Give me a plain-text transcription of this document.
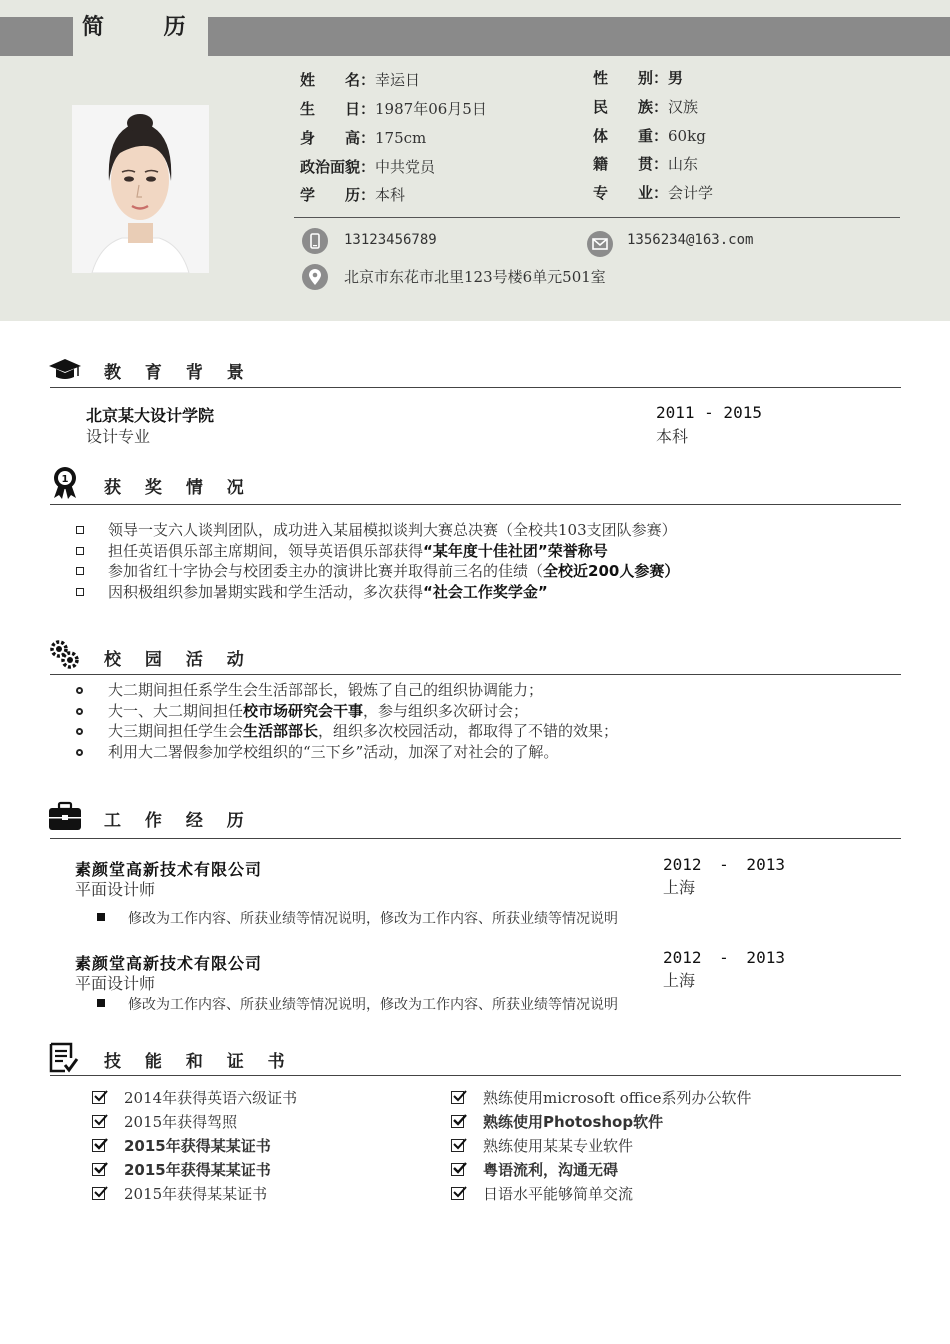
简 历
姓　　名：幸运日
生　　日：1987年06月5日
身　　高：175cm
政治面貌：中共党员
学　　历：本科
性　　别：男
民　　族：汉族
体　　重：60kg
籍　　贯：山东
专　　业：会计学
13123456789	1356234@163.com
北京市东花市北里123号楼6单元501室
教 育 背 景
北京某大设计学院
设计专业
2011 - 2015
本科
1 获 奖 情 况
领导一支六人谈判团队，成功进入某届模拟谈判大赛总决赛（全校共103支团队参赛）
担任英语俱乐部主席期间，领导英语俱乐部获得“某年度十佳社团”荣誉称号
参加省红十字协会与校团委主办的演讲比赛并取得前三名的佳绩（全校近200人参赛）
因积极组织参加暑期实践和学生活动，多次获得“社会工作奖学金”
校 园 活 动
大二期间担任系学生会生活部部长，锻炼了自己的组织协调能力；
大一、大二期间担任校市场研究会干事，参与组织多次研讨会；
大三期间担任学生会生活部部长，组织多次校园活动，都取得了不错的效果；
利用大二署假参加学校组织的“三下乡”活动，加深了对社会的了解。
工 作 经 历
素颜堂高新技术有限公司
平面设计师
2012 - 2013
上海
修改为工作内容、所获业绩等情况说明，修改为工作内容、所获业绩等情况说明
素颜堂高新技术有限公司
平面设计师
2012 - 2013
上海
修改为工作内容、所获业绩等情况说明，修改为工作内容、所获业绩等情况说明
技 能 和 证 书
2014年获得英语六级证书
2015年获得驾照
2015年获得某某证书
2015年获得某某证书
2015年获得某某证书
熟练使用microsoft office系列办公软件
熟练使用Photoshop软件
熟练使用某某专业软件
粤语流利，沟通无碍
日语水平能够简单交流
